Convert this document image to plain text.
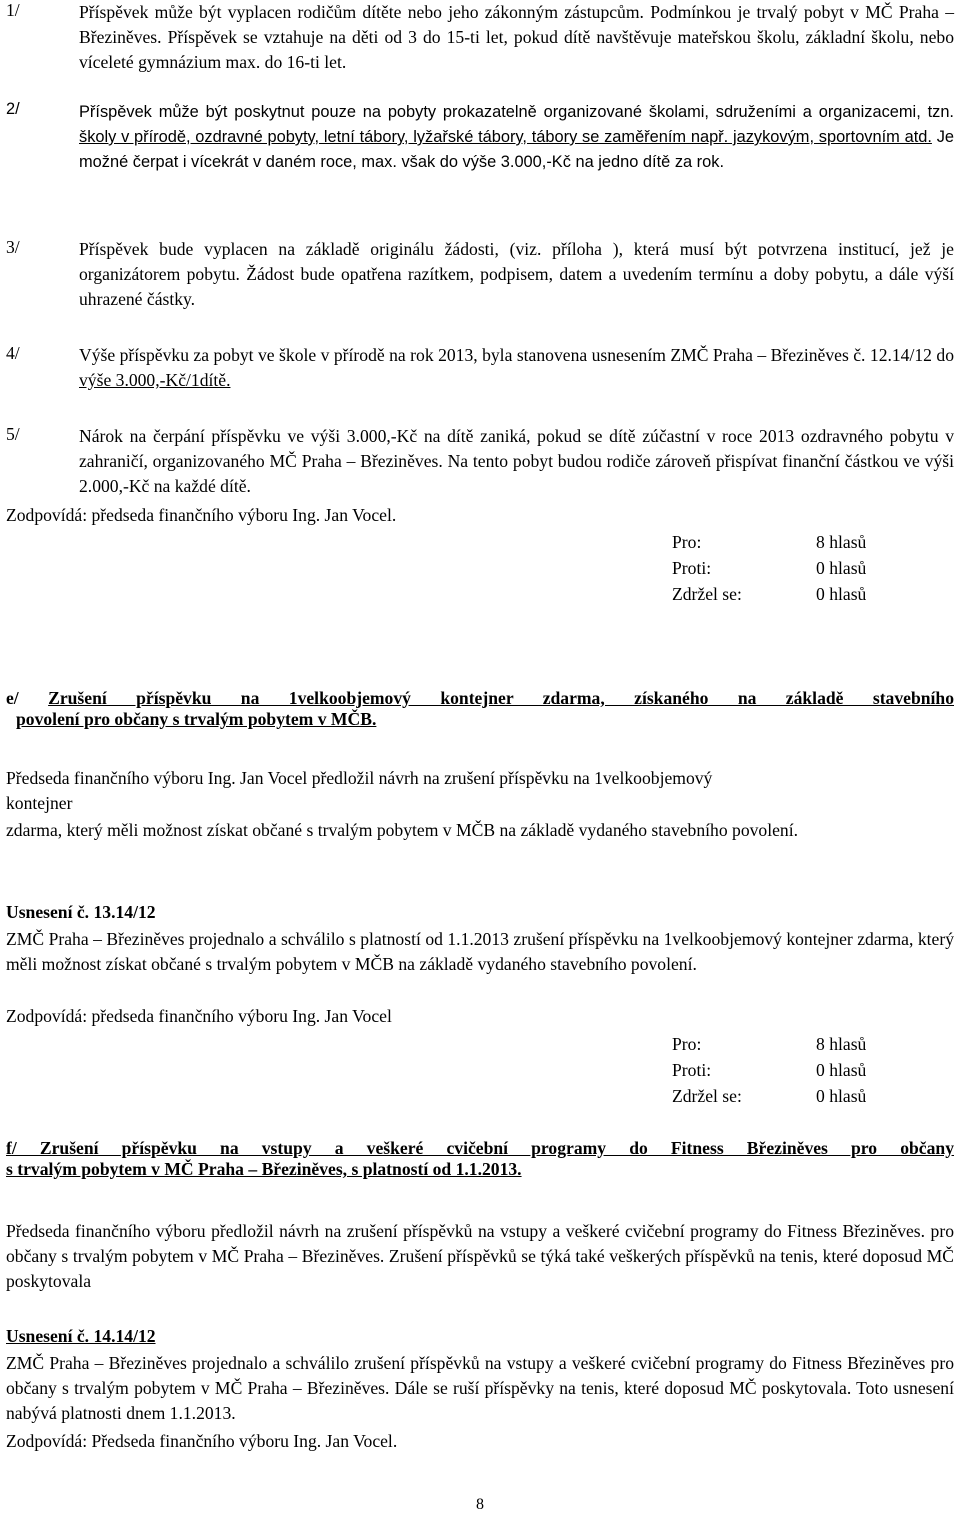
1/	Příspěvek může být vyplacen rodičům dítěte nebo jeho zákonným zástupcům. Podmínkou je trvalý pobyt v MČ Praha – Březiněves. Příspěvek se vztahuje na děti od 3 do 15-ti let, pokud dítě navštěvuje mateřskou školu, základní školu, nebo víceleté gymnázium max. do 16-ti let.

2/	Příspěvek může být poskytnut pouze na pobyty prokazatelně organizované školami, sdruženími a organizacemi, tzn. školy v přírodě, ozdravné pobyty, letní tábory, lyžařské tábory, tábory se zaměřením např. jazykovým, sportovním atd. Je možné čerpat i vícekrát v daném roce, max. však do výše 3.000,-Kč na jedno dítě za rok.

3/	Příspěvek bude vyplacen na základě originálu žádosti, (viz. příloha ), která musí být potvrzena institucí, jež je organizátorem pobytu. Žádost bude opatřena razítkem, podpisem, datem a uvedením termínu a doby pobytu, a dále výší uhrazené částky.

4/	Výše příspěvku za pobyt ve škole v přírodě na rok 2013, byla stanovena usnesením ZMČ Praha – Březiněves č. 12.14/12 do výše 3.000,-Kč/1dítě.

5/	Nárok na čerpání příspěvku ve výši 3.000,-Kč na dítě zaniká, pokud se dítě zúčastní v roce 2013 ozdravného pobytu v zahraničí, organizovaného MČ Praha – Březiněves. Na tento pobyt budou rodiče zároveň přispívat finanční částkou ve výši 2.000,-Kč na každé dítě.

Zodpovídá: předseda finančního výboru Ing. Jan Vocel.

Pro:	8 hlasů
Proti:	0 hlasů
Zdržel se:	0 hlasů

e/ Zrušení příspěvku na 1velkoobjemový kontejner zdarma, získaného na základě stavebního

povolení pro občany s trvalým pobytem v MČB.

Předseda finančního výboru Ing. Jan Vocel předložil návrh na zrušení příspěvku na 1velkoobjemový

kontejner

zdarma, který měli možnost získat občané s trvalým pobytem v MČB na základě vydaného stavebního povolení.

Usnesení č. 13.14/12

ZMČ Praha – Březiněves projednalo a schválilo s platností od 1.1.2013 zrušení příspěvku na 1velkoobjemový kontejner zdarma, který měli možnost získat občané s trvalým pobytem v MČB na základě vydaného stavebního povolení.

Zodpovídá: předseda finančního výboru Ing. Jan Vocel

Pro:	8 hlasů
Proti:	0 hlasů
Zdržel se:	0 hlasů

f/ Zrušení příspěvku na vstupy a veškeré cvičební programy do Fitness Březiněves pro občany

s trvalým pobytem v MČ Praha – Březiněves, s platností od 1.1.2013.

Předseda finančního výboru předložil návrh na zrušení příspěvků na vstupy a veškeré cvičební programy do Fitness Březiněves. pro občany s trvalým pobytem v MČ Praha – Březiněves. Zrušení příspěvků se týká také veškerých příspěvků na tenis, které doposud MČ poskytovala

Usnesení č. 14.14/12

ZMČ Praha – Březiněves projednalo a schválilo zrušení příspěvků na vstupy a veškeré cvičební programy do Fitness Březiněves pro občany s trvalým pobytem v MČ Praha – Březiněves. Dále se ruší příspěvky na tenis, které doposud MČ poskytovala. Toto usnesení nabývá platnosti dnem 1.1.2013.

Zodpovídá: Předseda finančního výboru Ing. Jan Vocel.

8
